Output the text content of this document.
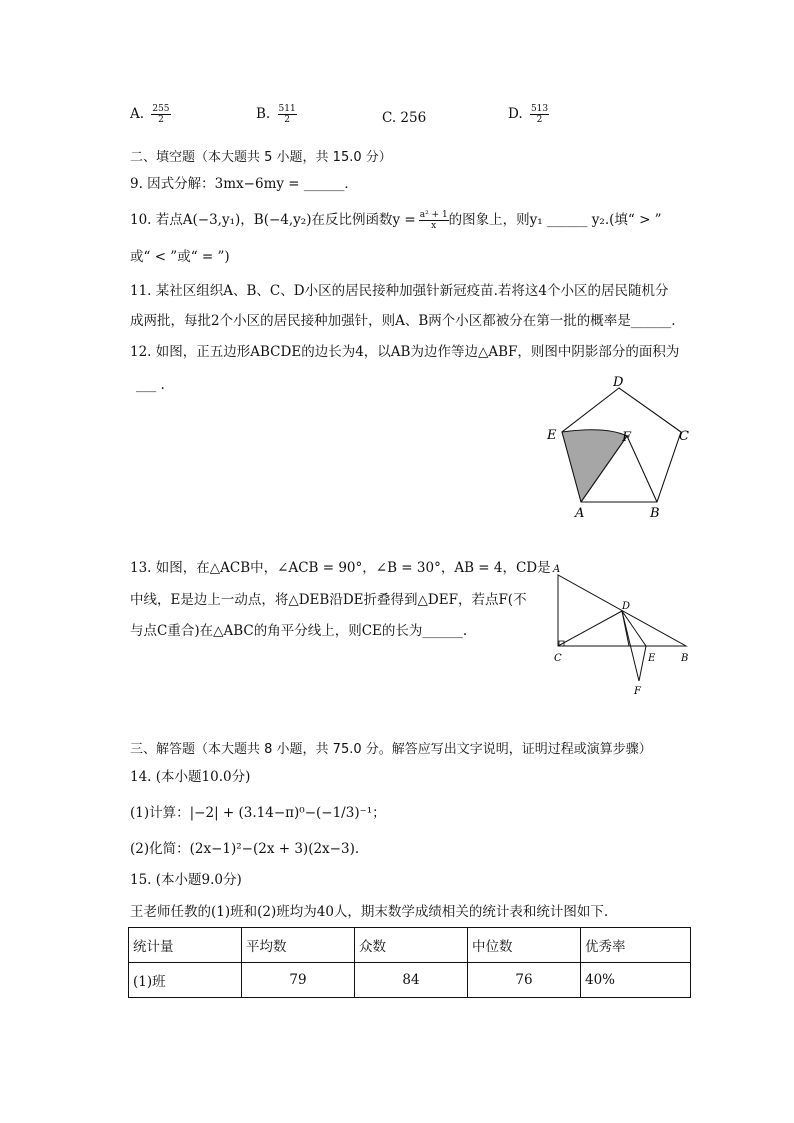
A. $\frac{255}{2}$	B. $\frac{511}{2}$	C. 256	D. $\frac{513}{2}$
二、填空题（本大题共 5 小题，共 15.0 分）
9. 因式分解：3mx−6my = ______．
10. 若点A(−3,y₁)，B(−4,y₂)在反比例函数$y = \frac{\text{a² + 1}}{x}$ 的图象上，则y₁ ______ y₂.(填“ > ”
或“ < ”或“ = ”)
11. 某社区组织A、B、C、D小区的居民接种加强针新冠疫苗.若将这4个小区的居民随机分
成两批，每批2个小区的居民接种加强针，则A、B两个小区都被分在第一批的概率是______.
12. 如图，正五边形ABCDE的边长为4，以AB为边作等边△ABF，则图中阴影部分的面积为
___ .
A	B
C
D
E	F
13. 如图，在△ACB中，∠ACB = 90°，∠B = 30°，AB = 4，CD是
中线，E是边上一动点，将△DEB沿DE折叠得到△DEF，若点F(不
与点C重合)在△ABC的角平分线上，则CE的长为______.
A
B
C
D
E
F
三、解答题（本大题共 8 小题，共 75.0 分。解答应写出文字说明，证明过程或演算步骤）
14. (本小题10.0分)
(1)计算：|−2| + (3.14−π)⁰−(−1/3)⁻¹；
(2)化简：(2x−1)²−(2x + 3)(2x−3).
15. (本小题9.0分)
王老师任教的(1)班和(2)班均为40人，期末数学成绩相关的统计表和统计图如下.
统计量	平均数	众数	中位数	优秀率
(1)班	79	84	76	40%
